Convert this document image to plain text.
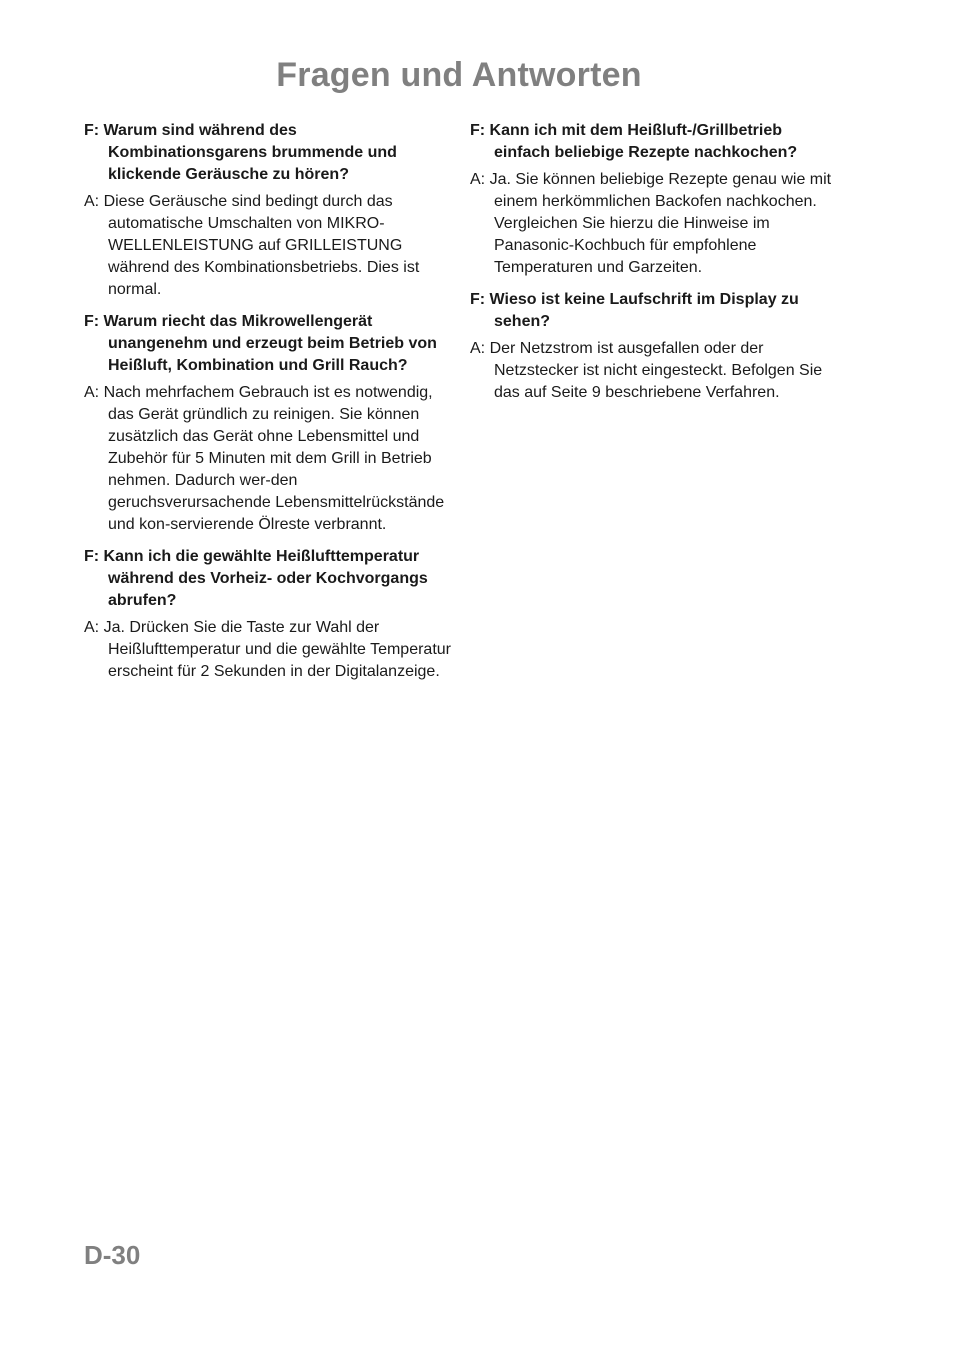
Fragen und Antworten

F: Warum sind während des Kombinationsgarens brummende und klickende Geräusche zu hören?

A: Diese Geräusche sind bedingt durch das automatische Umschalten von MIKRO-WELLENLEISTUNG auf GRILLEISTUNG während des Kombinationsbetriebs. Dies ist normal.

F: Warum riecht das Mikrowellengerät unangenehm und erzeugt beim Betrieb von Heißluft, Kombination und Grill Rauch?

A: Nach mehrfachem Gebrauch ist es notwendig, das Gerät gründlich zu reinigen. Sie können zusätzlich das Gerät ohne Lebensmittel und Zubehör für 5 Minuten mit dem Grill in Betrieb nehmen. Dadurch wer-den geruchsverursachende Lebensmittelrückstände und kon-servierende Ölreste verbrannt.

F: Kann ich die gewählte Heißlufttemperatur während des Vorheiz- oder Kochvorgangs abrufen?

A: Ja. Drücken Sie die Taste zur Wahl der Heißlufttemperatur und die gewählte Temperatur erscheint für 2 Sekunden in der Digitalanzeige.

F: Kann ich mit dem Heißluft-/Grillbetrieb einfach beliebige Rezepte nachkochen?

A: Ja. Sie können beliebige Rezepte genau wie mit einem herkömmlichen Backofen nachkochen. Vergleichen Sie hierzu die Hinweise im Panasonic-Kochbuch für empfohlene Temperaturen und Garzeiten.

F: Wieso ist keine Laufschrift im Display zu sehen?

A: Der Netzstrom ist ausgefallen oder der Netzstecker ist nicht eingesteckt. Befolgen Sie das auf Seite 9 beschriebene Verfahren.

D-30
